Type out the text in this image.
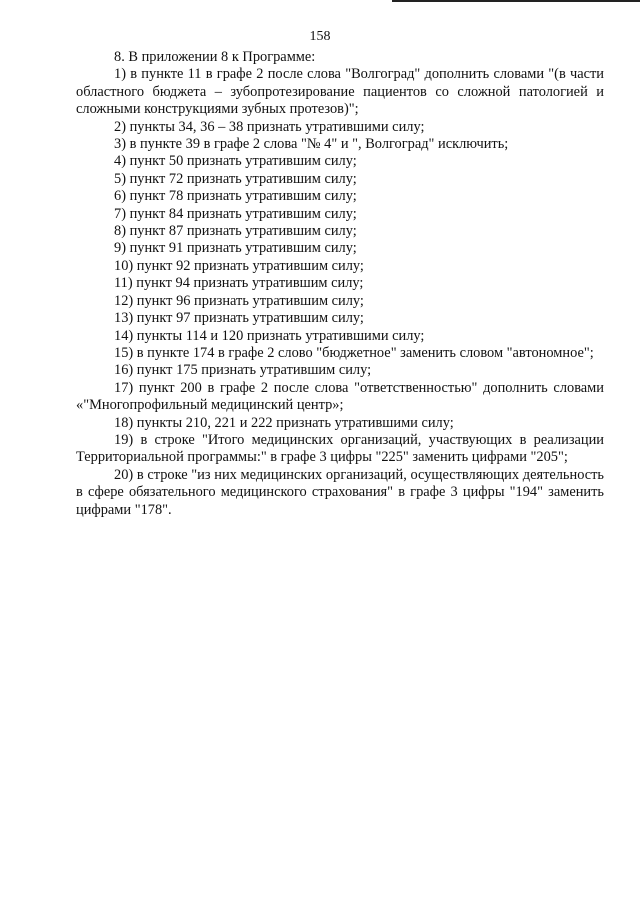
158

8. В приложении 8 к Программе:

1) в пункте 11 в графе 2 после слова "Волгоград" дополнить словами "(в части областного бюджета – зубопротезирование пациентов со сложной патологией и сложными конструкциями зубных протезов)";

2) пункты 34, 36 – 38 признать утратившими силу;

3) в пункте 39 в графе 2 слова "№ 4" и ", Волгоград" исключить;

4) пункт 50 признать утратившим силу;

5) пункт 72 признать утратившим силу;

6) пункт 78 признать утратившим силу;

7) пункт 84 признать утратившим силу;

8) пункт 87 признать утратившим силу;

9) пункт 91 признать утратившим силу;

10) пункт 92 признать утратившим силу;

11) пункт 94 признать утратившим силу;

12) пункт 96 признать утратившим силу;

13) пункт 97 признать утратившим силу;

14) пункты 114 и 120 признать утратившими силу;

15) в пункте 174 в графе 2 слово "бюджетное" заменить словом "автономное";

16) пункт 175 признать утратившим силу;

17) пункт 200 в графе 2 после слова "ответственностью" дополнить словами «"Многопрофильный медицинский центр»;

18) пункты 210, 221 и 222 признать утратившими силу;

19) в строке "Итого медицинских организаций, участвующих в реализации Территориальной программы:" в графе 3 цифры "225" заменить цифрами "205";

20) в строке "из них медицинских организаций, осуществляющих деятельность в сфере обязательного медицинского страхования" в графе 3 цифры "194" заменить цифрами "178".
